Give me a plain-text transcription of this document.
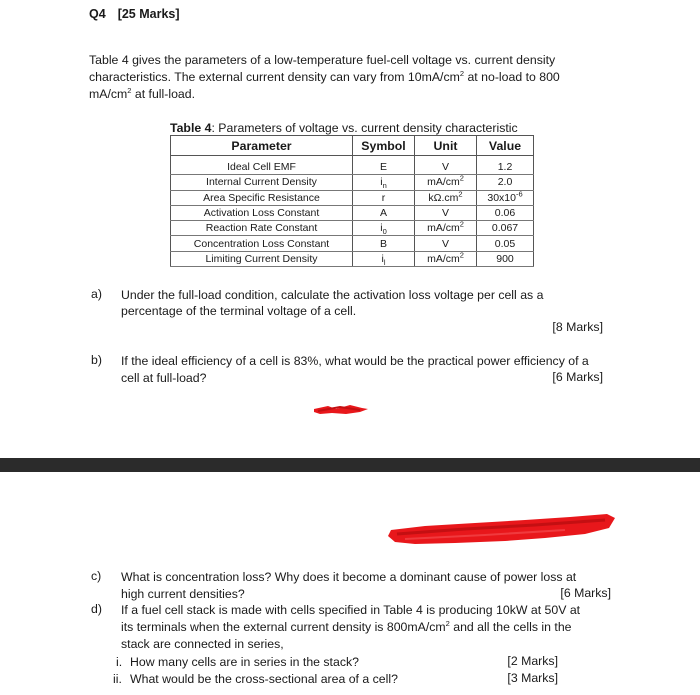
Q4 [25 Marks]
Table 4 gives the parameters of a low-temperature fuel-cell voltage vs. current density
characteristics. The external current density can vary from $10mA/cm^2$ at no-load to 800
$mA/cm^2$ at full-load.
Table 4: Parameters of voltage vs. current density characteristic
Parameter	Symbol	Unit	Value
Ideal Cell EMF	E	V	1.2
Internal Current Density	$i_n$	$mA/cm^2$	2.0
Area Specific Resistance	r	$k\Omega.cm^2$	$30x10^{-6}$
Activation Loss Constant	A	V	0.06
Reaction Rate Constant	$i_0$	$mA/cm^2$	0.067
Concentration Loss Constant	B	V	0.05
Limiting Current Density	$i_l$	$mA/cm^2$	900
a) Under the full-load condition, calculate the activation loss voltage per cell as a
percentage of the terminal voltage of a cell.
[8 Marks]
b) If the ideal efficiency of a cell is 83%, what would be the practical power efficiency of a
cell at full-load?	[6 Marks]
c) What is concentration loss? Why does it become a dominant cause of power loss at
high current densities?	[6 Marks]
d) If a fuel cell stack is made with cells specified in Table 4 is producing 10kW at 50V at
its terminals when the external current density is $800mA/cm^2$ and all the cells in the
stack are connected in series,
i. How many cells are in series in the stack?	[2 Marks]
ii. What would be the cross-sectional area of a cell?	[3 Marks]
